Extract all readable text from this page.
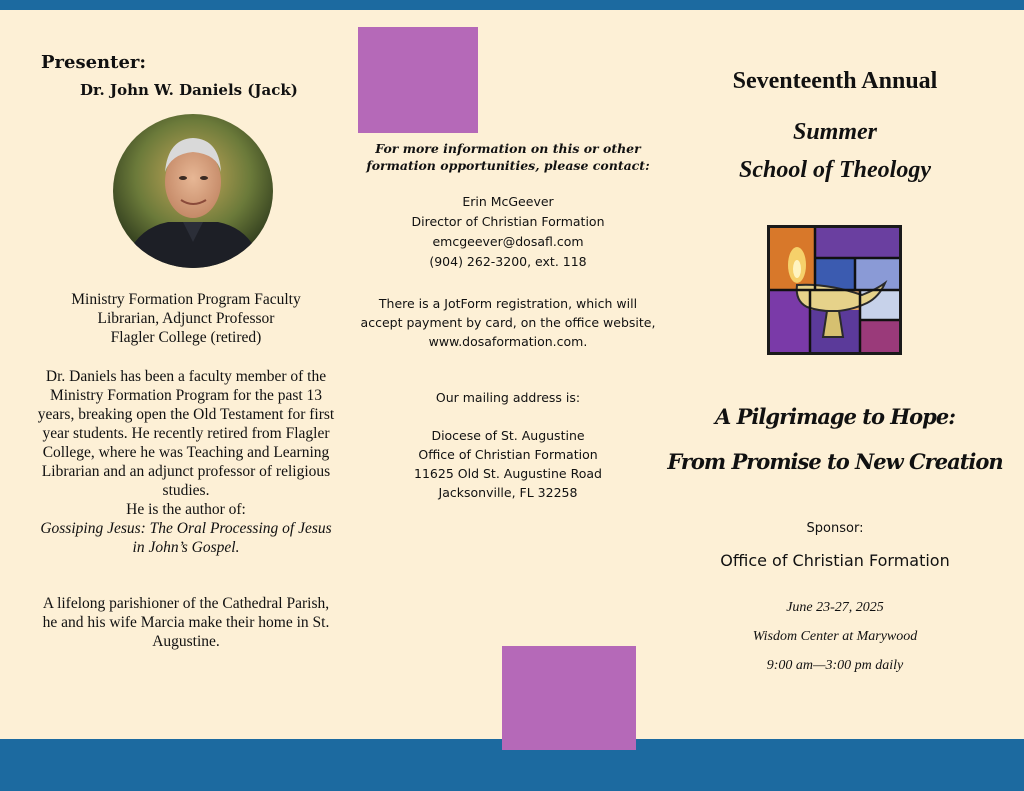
Presenter:
Dr. John W. Daniels (Jack)
Ministry Formation Program Faculty
Librarian, Adjunct Professor
Flagler College (retired)
Dr. Daniels has been a faculty member of the Ministry Formation Program for the past 13 years, breaking open the Old Testament for first year students. He recently retired from Flagler College, where he was Teaching and Learning Librarian and an adjunct professor of religious studies.
He is the author of:
Gossiping Jesus: The Oral Processing of Jesus in John’s Gospel.
A lifelong parishioner of the Cathedral Parish, he and his wife Marcia make their home in St. Augustine.
For more information on this or other formation opportunities, please contact:
Erin McGeever
Director of Christian Formation
emcgeever@dosafl.com
(904) 262-3200, ext. 118
There is a JotForm registration, which will accept payment by card, on the office website, www.dosaformation.com.
Our mailing address is:
Diocese of St. Augustine
Office of Christian Formation
11625 Old St. Augustine Road
Jacksonville, FL 32258
Seventeenth Annual
Summer
School of Theology
A Pilgrimage to Hope:
From Promise to New Creation
Sponsor:
Office of Christian Formation
June 23-27, 2025
Wisdom Center at Marywood
9:00 am—3:00 pm daily
